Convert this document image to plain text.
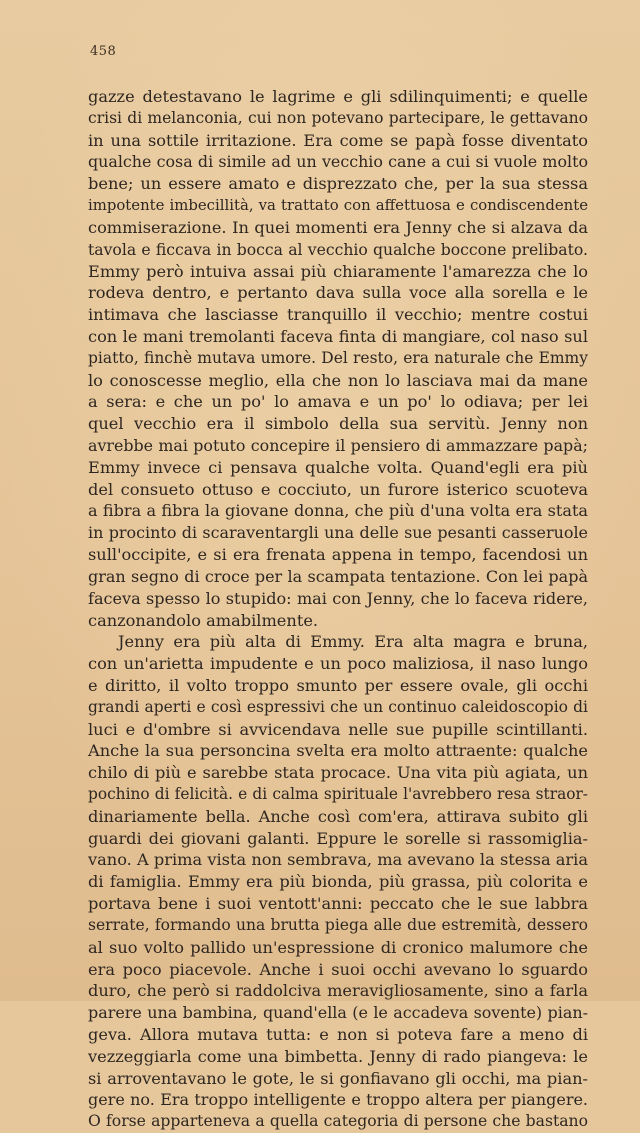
458
gazze detestavano le lagrime e gli sdilinquimenti; e quelle
crisi di melanconia, cui non potevano partecipare, le gettavano
in una sottile irritazione. Era come se papà fosse diventato
qualche cosa di simile ad un vecchio cane a cui si vuole molto
bene; un essere amato e disprezzato che, per la sua stessa
impotente imbecillità, va trattato con affettuosa e condiscendente
commiserazione. In quei momenti era Jenny che si alzava da
tavola e ficcava in bocca al vecchio qualche boccone prelibato.
Emmy però intuiva assai più chiaramente l'amarezza che lo
rodeva dentro, e pertanto dava sulla voce alla sorella e le
intimava che lasciasse tranquillo il vecchio; mentre costui
con le mani tremolanti faceva finta di mangiare, col naso sul
piatto, finchè mutava umore. Del resto, era naturale che Emmy
lo conoscesse meglio, ella che non lo lasciava mai da mane
a sera: e che un po' lo amava e un po' lo odiava; per lei
quel vecchio era il simbolo della sua servitù. Jenny non
avrebbe mai potuto concepire il pensiero di ammazzare papà;
Emmy invece ci pensava qualche volta. Quand'egli era più
del consueto ottuso e cocciuto, un furore isterico scuoteva
a fibra a fibra la giovane donna, che più d'una volta era stata
in procinto di scaraventargli una delle sue pesanti casseruole
sull'occipite, e si era frenata appena in tempo, facendosi un
gran segno di croce per la scampata tentazione. Con lei papà
faceva spesso lo stupido: mai con Jenny, che lo faceva ridere,
canzonandolo amabilmente.
Jenny era più alta di Emmy. Era alta magra e bruna,
con un'arietta impudente e un poco maliziosa, il naso lungo
e diritto, il volto troppo smunto per essere ovale, gli occhi
grandi aperti e così espressivi che un continuo caleidoscopio di
luci e d'ombre si avvicendava nelle sue pupille scintillanti.
Anche la sua personcina svelta era molto attraente: qualche
chilo di più e sarebbe stata procace. Una vita più agiata, un
pochino di felicità. e di calma spirituale l'avrebbero resa straor-
dinariamente bella. Anche così com'era, attirava subito gli
guardi dei giovani galanti. Eppure le sorelle si rassomiglia-
vano. A prima vista non sembrava, ma avevano la stessa aria
di famiglia. Emmy era più bionda, più grassa, più colorita e
portava bene i suoi ventott'anni: peccato che le sue labbra
serrate, formando una brutta piega alle due estremità, dessero
al suo volto pallido un'espressione di cronico malumore che
era poco piacevole. Anche i suoi occhi avevano lo sguardo
duro, che però si raddolciva meravigliosamente, sino a farla
parere una bambina, quand'ella (e le accadeva sovente) pian-
geva. Allora mutava tutta: e non si poteva fare a meno di
vezzeggiarla come una bimbetta. Jenny di rado piangeva: le
si arroventavano le gote, le si gonfiavano gli occhi, ma pian-
gere no. Era troppo intelligente e troppo altera per piangere.
O forse apparteneva a quella categoria di persone che bastano
